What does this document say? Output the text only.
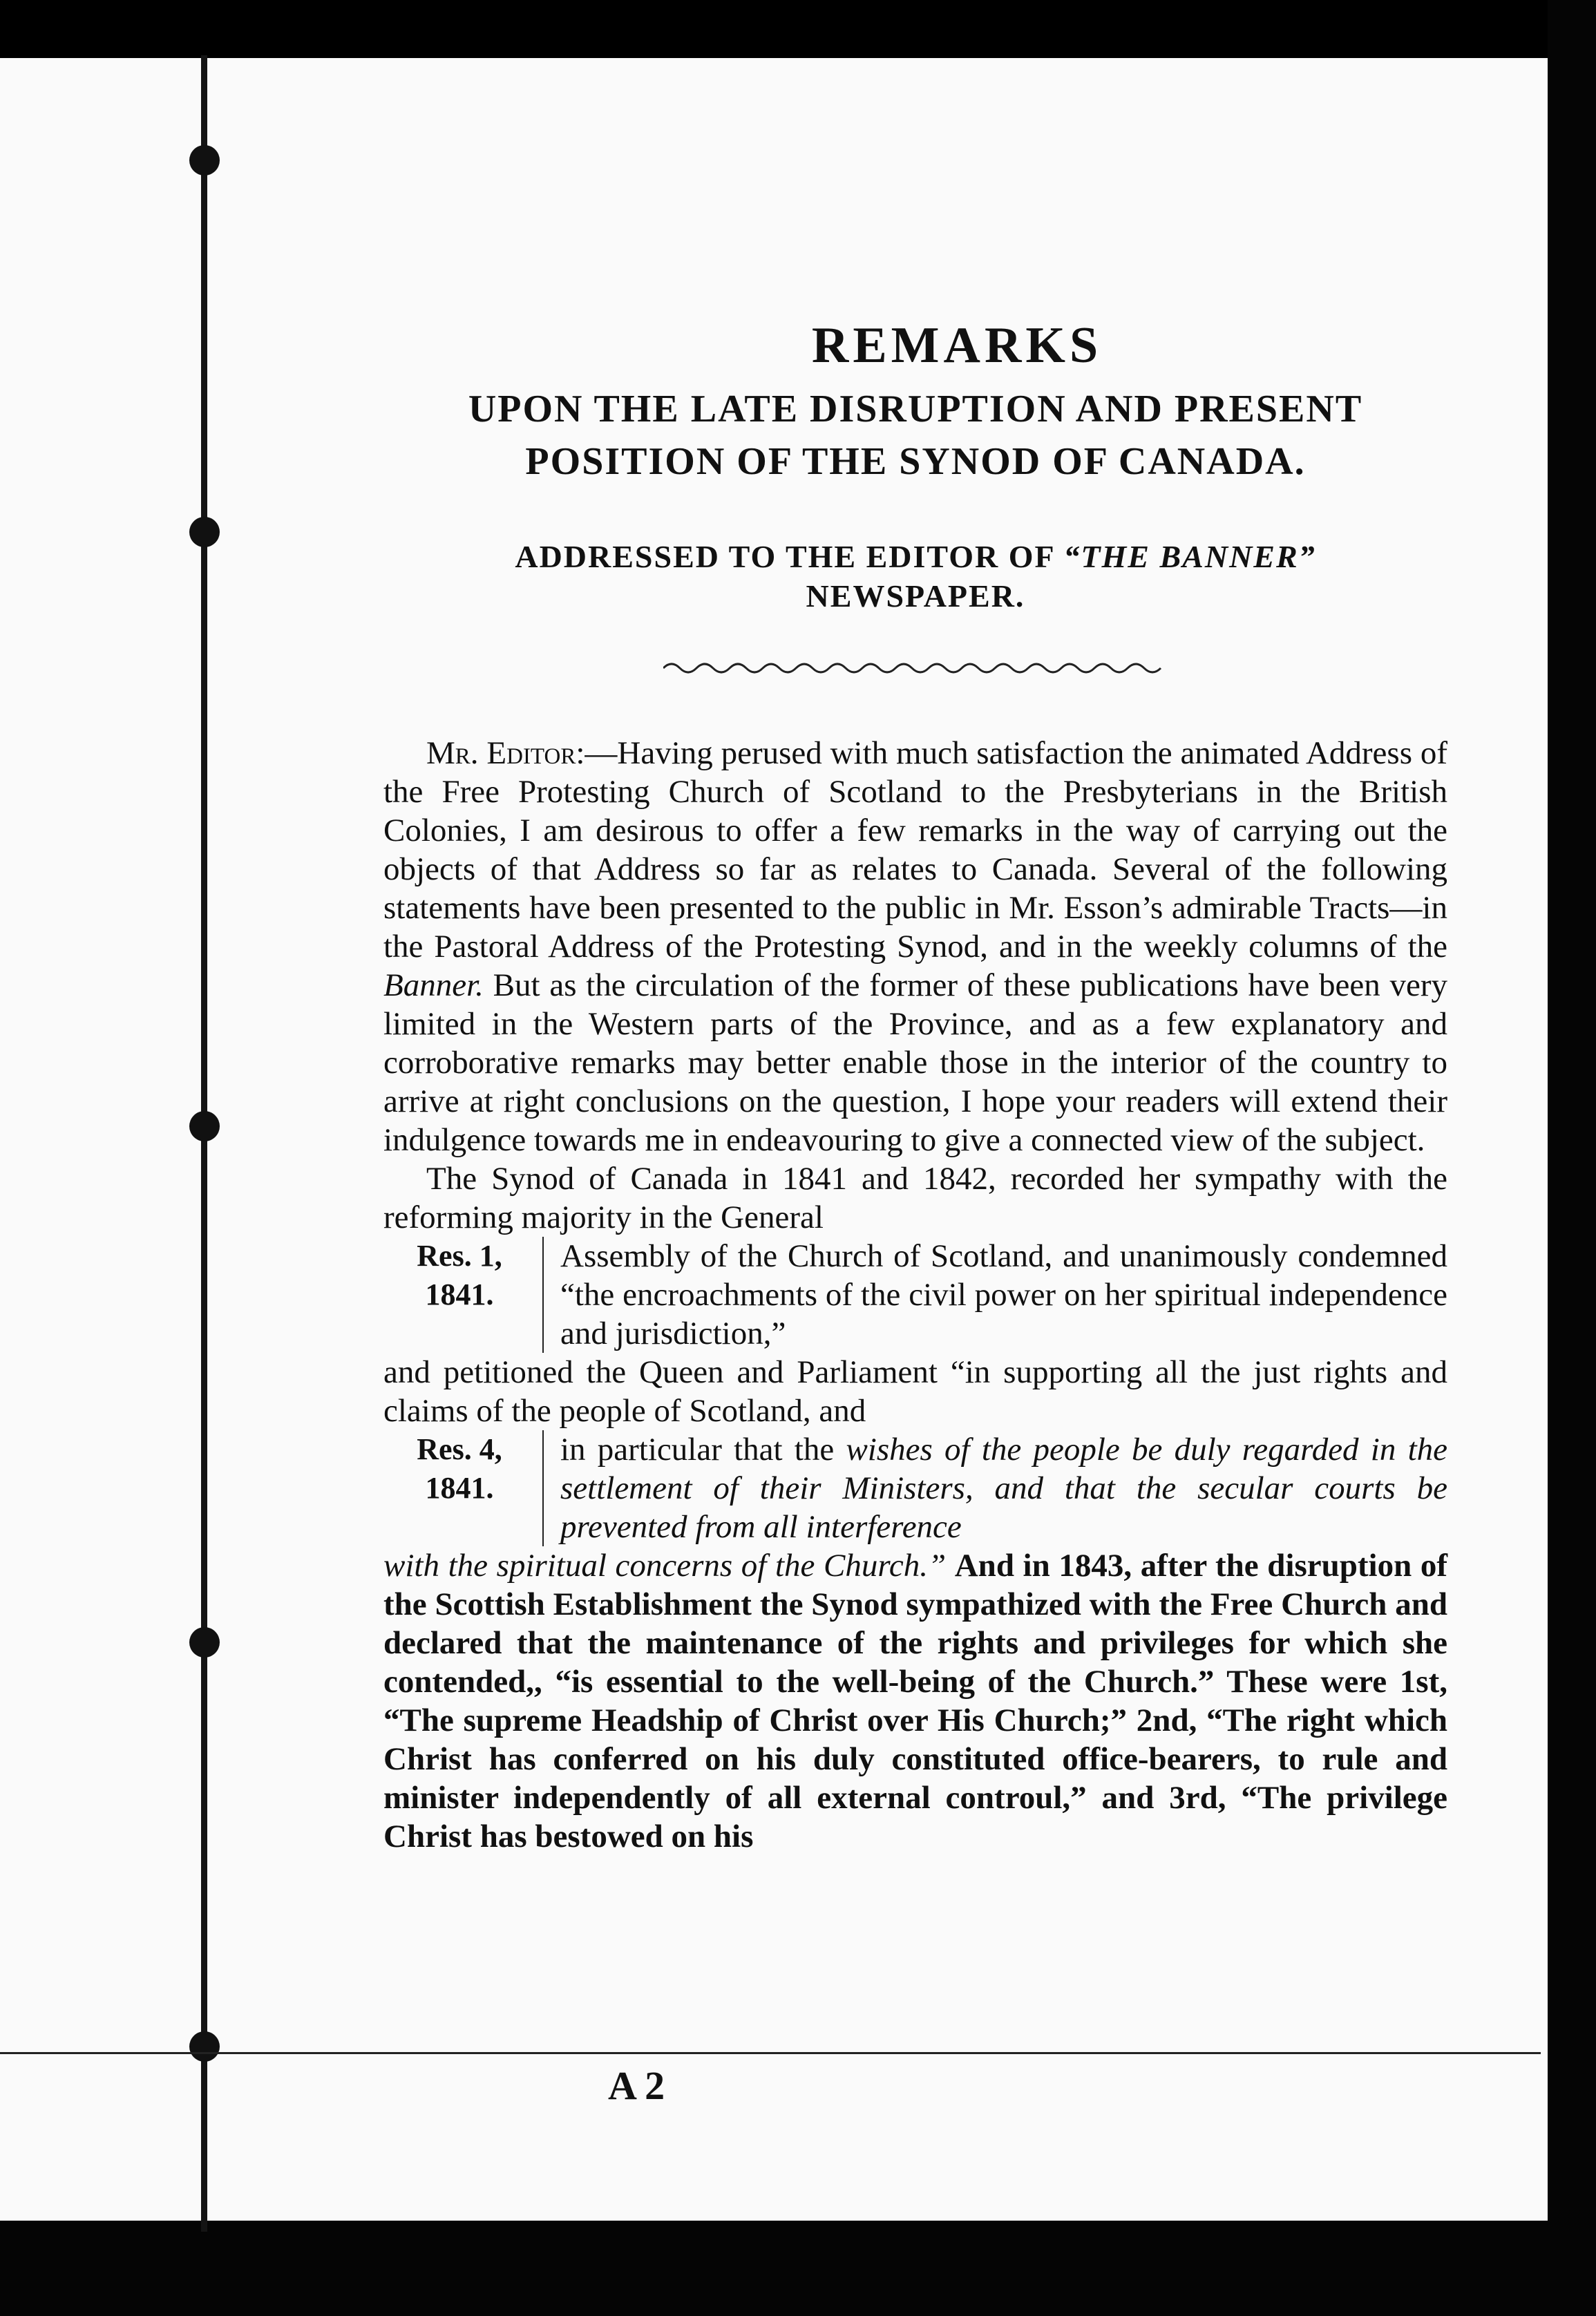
REMARKS
UPON THE LATE DISRUPTION AND PRESENT
POSITION OF THE SYNOD OF CANADA.
ADDRESSED TO THE EDITOR OF “THE BANNER”
NEWSPAPER.

Mr. Editor:—Having perused with much satisfaction the animated Address of the Free Protesting Church of Scotland to the Presbyterians in the British Colonies, I am desirous to offer a few remarks in the way of carrying out the objects of that Address so far as relates to Canada. Several of the following statements have been presented to the public in Mr. Esson’s admirable Tracts—in the Pastoral Address of the Protesting Synod, and in the weekly columns of the Banner. But as the circulation of the former of these publications have been very limited in the Western parts of the Province, and as a few explanatory and corroborative remarks may better enable those in the interior of the country to arrive at right conclusions on the question, I hope your readers will extend their indulgence towards me in endeavouring to give a connected view of the subject.

The Synod of Canada in 1841 and 1842, recorded her sympathy with the reforming majority in the General

Res. 1,
1841.
Assembly of the Church of Scotland, and unanimously condemned “the encroachments of the civil power on her spiritual independence and jurisdiction,”

and petitioned the Queen and Parliament “in supporting all the just rights and claims of the people of Scotland, and

Res. 4,
1841.
in particular that the wishes of the people be duly regarded in the settlement of their Ministers, and that the secular courts be prevented from all interference

with the spiritual concerns of the Church.” And in 1843, after the disruption of the Scottish Establishment the Synod sympathized with the Free Church and declared that the maintenance of the rights and privileges for which she contended,, “is essential to the well-being of the Church.” These were 1st, “The supreme Headship of Christ over His Church;” 2nd, “The right which Christ has conferred on his duly constituted office-bearers, to rule and minister independently of all external controul,” and 3rd, “The privilege Christ has bestowed on his

A 2
